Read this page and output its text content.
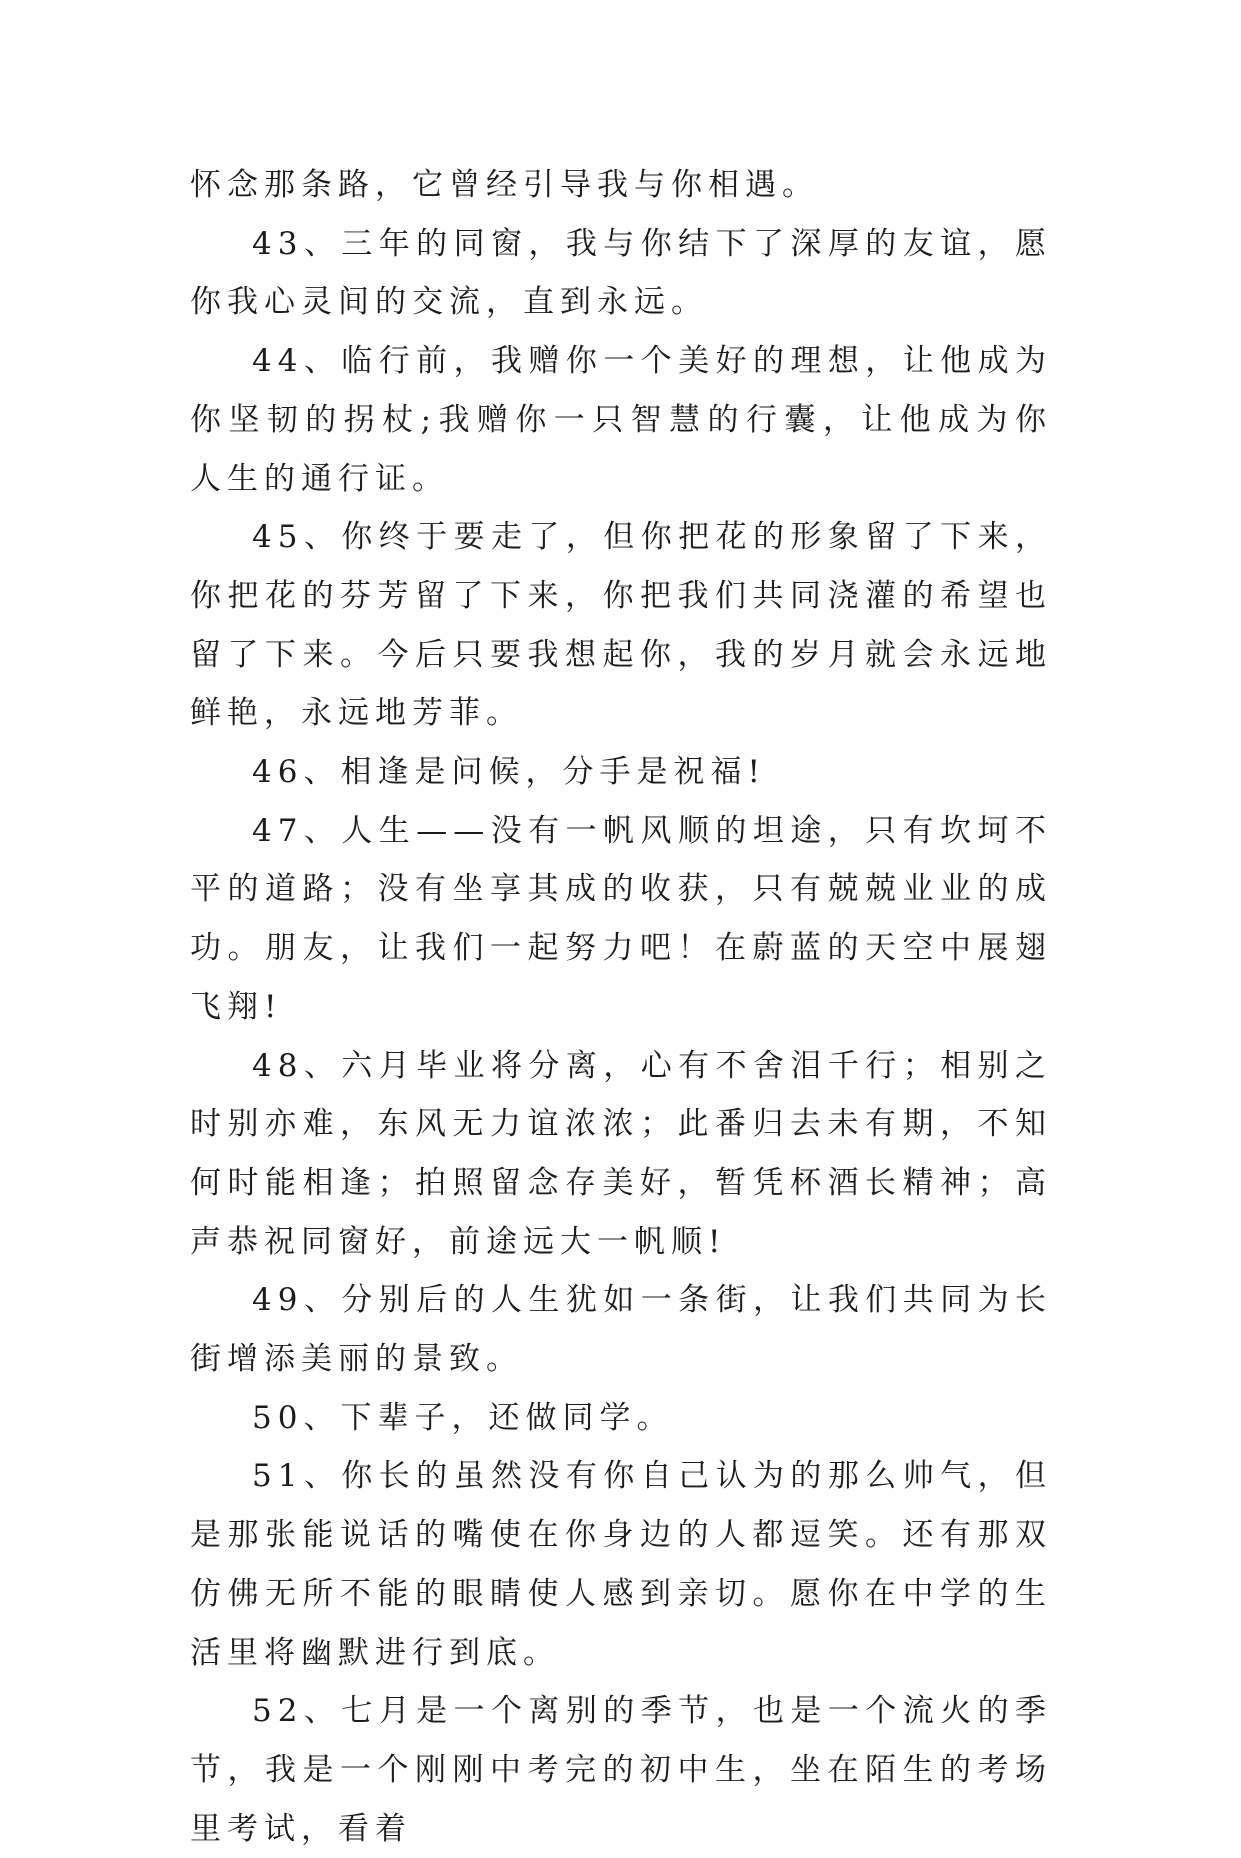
怀念那条路，它曾经引导我与你相遇。

43、三年的同窗，我与你结下了深厚的友谊，愿你我心灵间的交流，直到永远。

44、临行前，我赠你一个美好的理想，让他成为你坚韧的拐杖;我赠你一只智慧的行囊，让他成为你人生的通行证。

45、你终于要走了，但你把花的形象留了下来，你把花的芬芳留了下来，你把我们共同浇灌的希望也留了下来。今后只要我想起你，我的岁月就会永远地鲜艳，永远地芳菲。

46、相逢是问候，分手是祝福!

47、人生——没有一帆风顺的坦途，只有坎坷不平的道路；没有坐享其成的收获，只有兢兢业业的成功。朋友，让我们一起努力吧！在蔚蓝的天空中展翅飞翔!

48、六月毕业将分离，心有不舍泪千行；相别之时别亦难，东风无力谊浓浓；此番归去未有期，不知何时能相逢；拍照留念存美好，暂凭杯酒长精神；高声恭祝同窗好，前途远大一帆顺!

49、分别后的人生犹如一条街，让我们共同为长街增添美丽的景致。

50、下辈子，还做同学。

51、你长的虽然没有你自己认为的那么帅气，但是那张能说话的嘴使在你身边的人都逗笑。还有那双仿佛无所不能的眼睛使人感到亲切。愿你在中学的生活里将幽默进行到底。

52、七月是一个离别的季节，也是一个流火的季节，我是一个刚刚中考完的初中生，坐在陌生的考场里考试，看着
